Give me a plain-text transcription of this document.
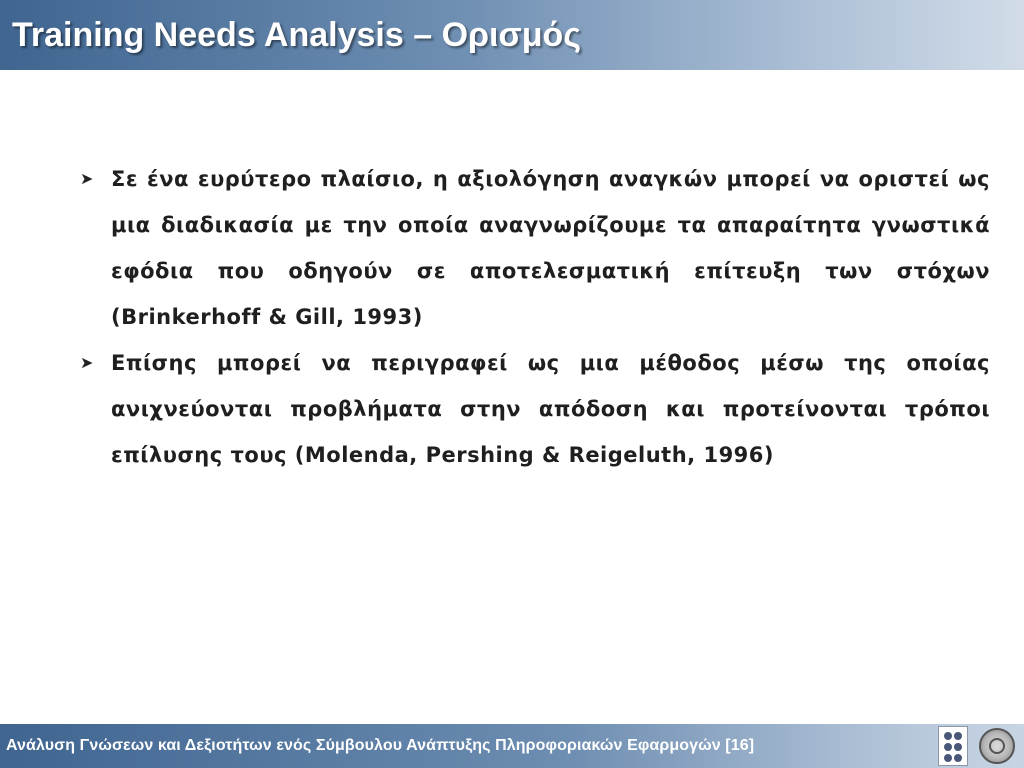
Training Needs Analysis – Ορισμός
➤ Σε ένα ευρύτερο πλαίσιο, η αξιολόγηση αναγκών μπορεί να οριστεί ως μια διαδικασία με την οποία αναγνωρίζουμε τα απαραίτητα γνωστικά εφόδια που οδηγούν σε αποτελεσματική επίτευξη των στόχων (Brinkerhoff & Gill, 1993)
➤ Επίσης μπορεί να περιγραφεί ως μια μέθοδος μέσω της οποίας ανιχνεύονται προβλήματα στην απόδοση και προτείνονται τρόποι επίλυσης τους (Molenda, Pershing & Reigeluth, 1996)
Ανάλυση Γνώσεων και Δεξιοτήτων ενός Σύμβουλου Ανάπτυξης Πληροφοριακών Εφαρμογών [16]
